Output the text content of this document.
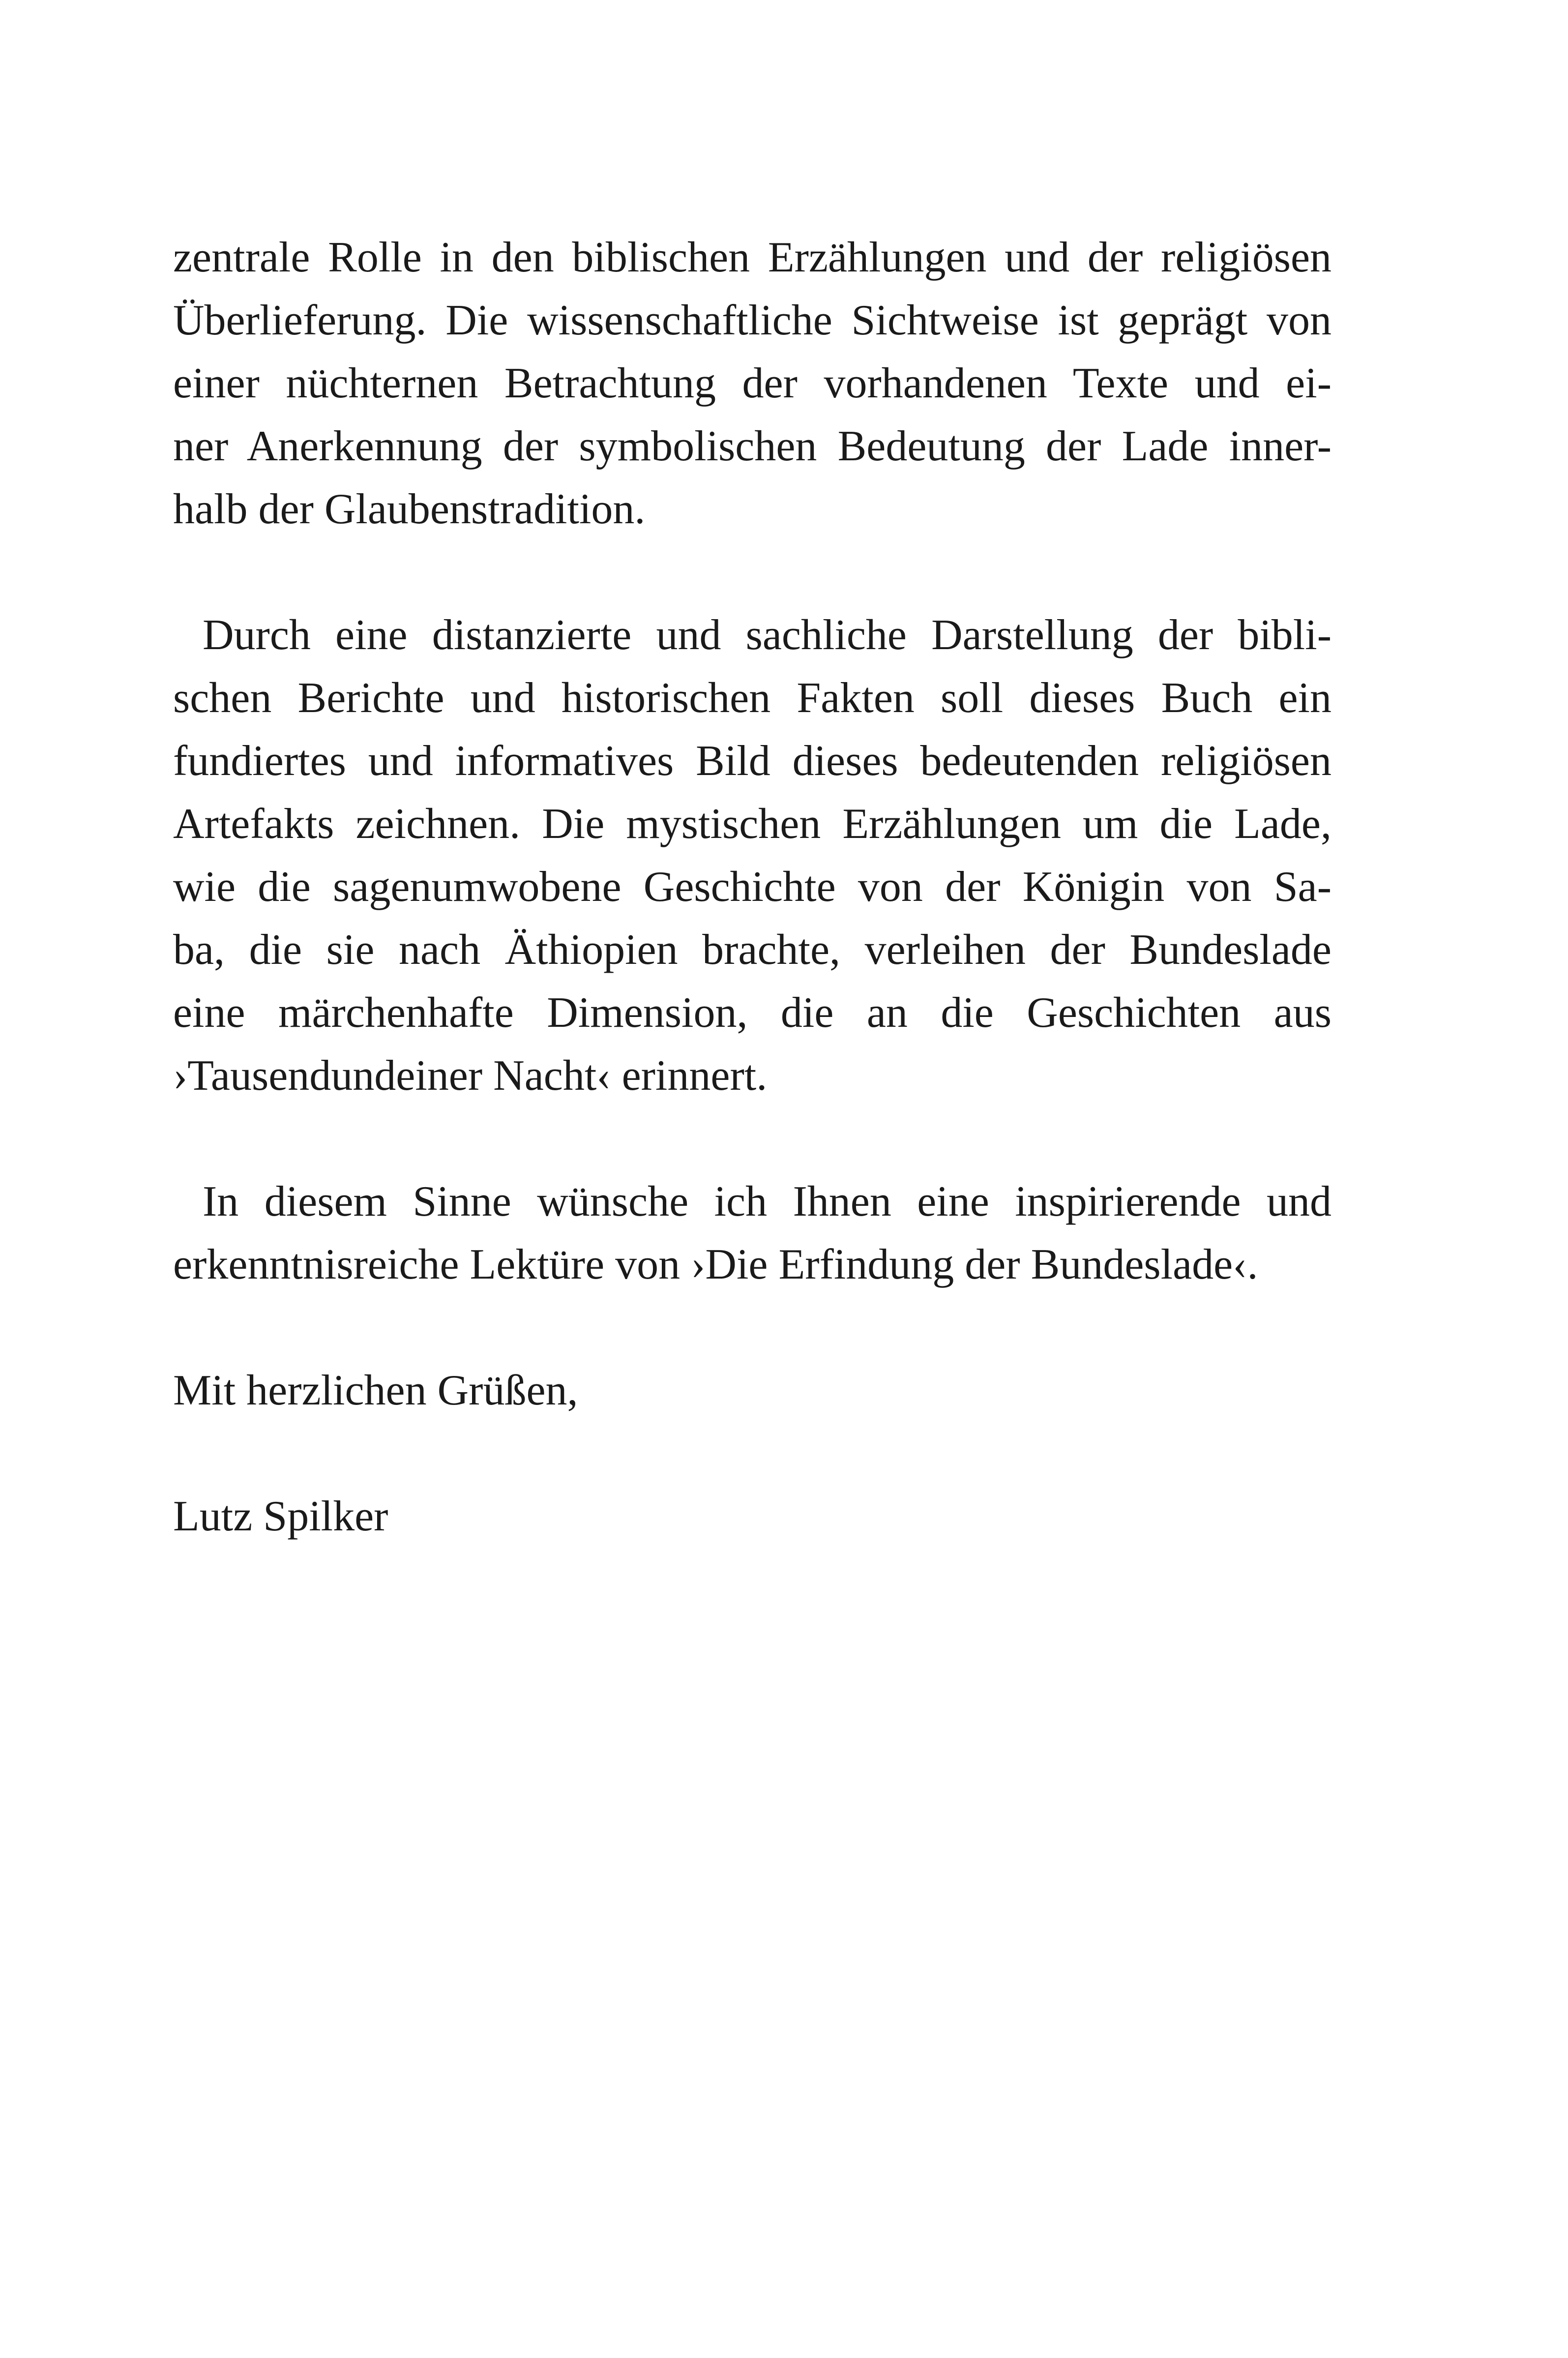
zentrale Rolle in den biblischen Erzählungen und der religiösen
Überlieferung. Die wissenschaftliche Sichtweise ist geprägt von
einer nüchternen Betrachtung der vorhandenen Texte und ei-
ner Anerkennung der symbolischen Bedeutung der Lade inner-
halb der Glaubenstradition.
Durch eine distanzierte und sachliche Darstellung der bibli-
schen Berichte und historischen Fakten soll dieses Buch ein
fundiertes und informatives Bild dieses bedeutenden religiösen
Artefakts zeichnen. Die mystischen Erzählungen um die Lade,
wie die sagenumwobene Geschichte von der Königin von Sa-
ba, die sie nach Äthiopien brachte, verleihen der Bundeslade
eine märchenhafte Dimension, die an die Geschichten aus
›Tausendundeiner Nacht‹ erinnert.
In diesem Sinne wünsche ich Ihnen eine inspirierende und
erkenntnisreiche Lektüre von ›Die Erfindung der Bundeslade‹.
Mit herzlichen Grüßen,
Lutz Spilker
